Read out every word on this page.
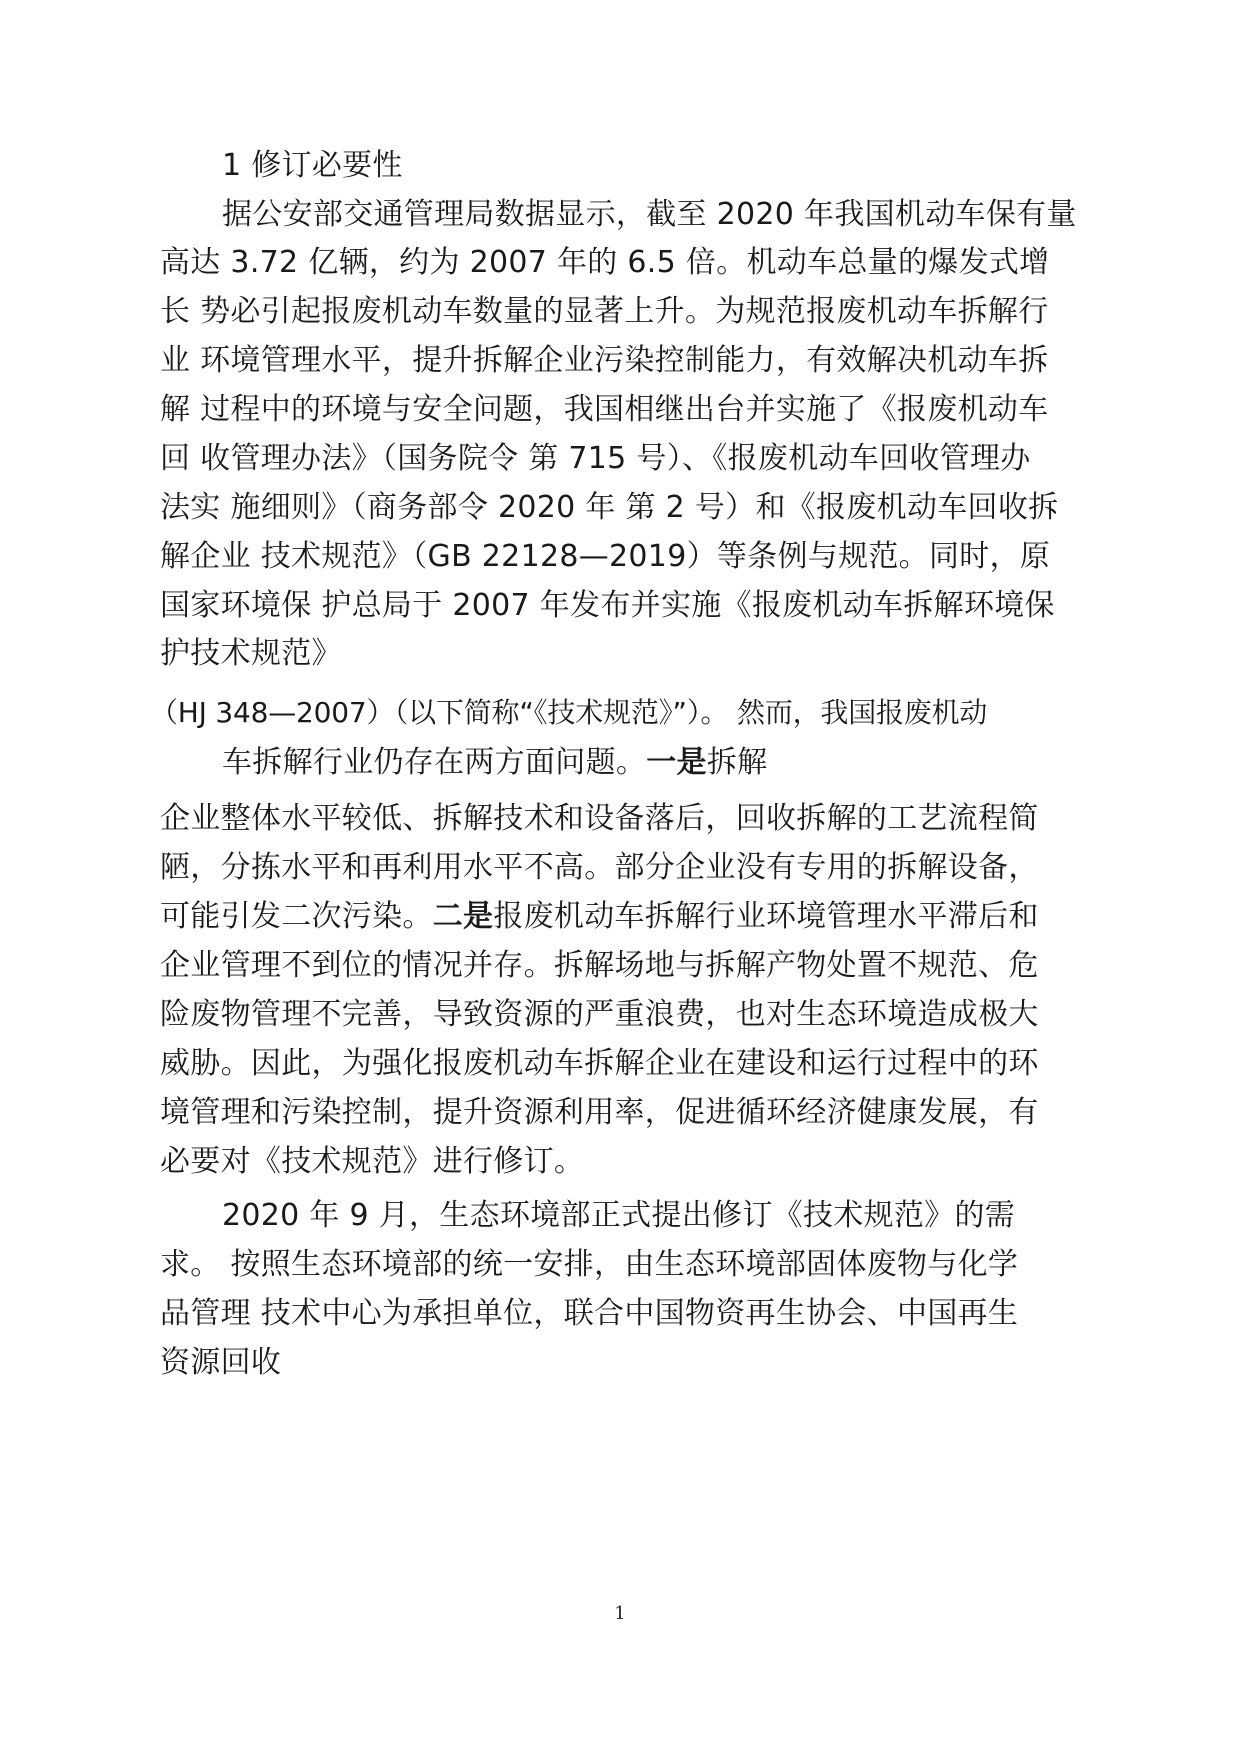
1 修订必要性
据公安部交通管理局数据显示，截至 2020 年我国机动车保有量
高达 3.72 亿辆，约为 2007 年的 6.5 倍。机动车总量的爆发式增
长 势必引起报废机动车数量的显著上升。为规范报废机动车拆解行
业 环境管理水平，提升拆解企业污染控制能力，有效解决机动车拆
解 过程中的环境与安全问题，我国相继出台并实施了《报废机动车
回 收管理办法》（国务院令 第 715 号）、《报废机动车回收管理办
法实 施细则》（商务部令 2020 年 第 2 号）和《报废机动车回收拆
解企业 技术规范》（GB 22128—2019）等条例与规范。同时，原
国家环境保 护总局于 2007 年发布并实施《报废机动车拆解环境保
护技术规范》
（HJ 348—2007）（以下简称“《技术规范》”）。 然而，我国报废机动
车拆解行业仍存在两方面问题。一是拆解
企业整体水平较低、拆解技术和设备落后，回收拆解的工艺流程简
陋，分拣水平和再利用水平不高。部分企业没有专用的拆解设备，
可能引发二次污染。二是报废机动车拆解行业环境管理水平滞后和
企业管理不到位的情况并存。拆解场地与拆解产物处置不规范、危
险废物管理不完善，导致资源的严重浪费，也对生态环境造成极大
威胁。因此，为强化报废机动车拆解企业在建设和运行过程中的环
境管理和污染控制，提升资源利用率，促进循环经济健康发展，有
必要对《技术规范》进行修订。
2020 年 9 月，生态环境部正式提出修订《技术规范》的需
求。 按照生态环境部的统一安排，由生态环境部固体废物与化学
品管理 技术中心为承担单位，联合中国物资再生协会、中国再生
资源回收
1
